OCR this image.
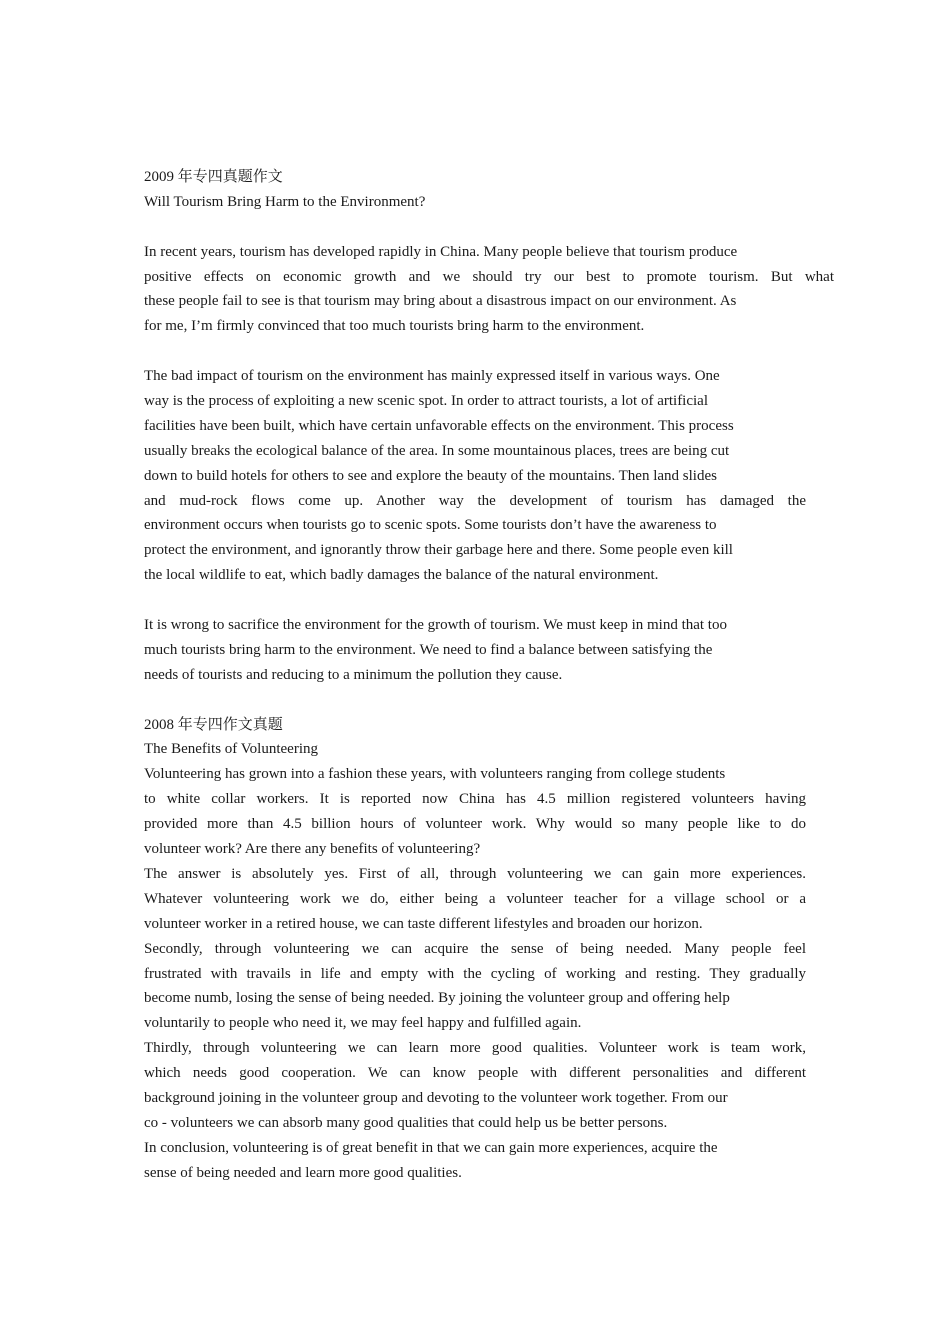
2009 年专四真题作文
Will Tourism Bring Harm to the Environment?
In recent years, tourism has developed rapidly in China. Many people believe that tourism produce
positive effects on economic growth and we should try our best to promote tourism. But what
these people fail to see is that tourism may bring about a disastrous impact on our environment. As
for me, I’m firmly convinced that too much tourists bring harm to the environment.
The bad impact of tourism on the environment has mainly expressed itself in various ways. One
way is the process of exploiting a new scenic spot. In order to attract tourists, a lot of artificial
facilities have been built, which have certain unfavorable effects on the environment. This process
usually breaks the ecological balance of the area. In some mountainous places, trees are being cut
down to build hotels for others to see and explore the beauty of the mountains. Then land slides
and mud-rock flows come up. Another way the development of tourism has damaged the
environment occurs when tourists go to scenic spots. Some tourists don’t have the awareness to
protect the environment, and ignorantly throw their garbage here and there. Some people even kill
the local wildlife to eat, which badly damages the balance of the natural environment.
It is wrong to sacrifice the environment for the growth of tourism. We must keep in mind that too
much tourists bring harm to the environment. We need to find a balance between satisfying the
needs of tourists and reducing to a minimum the pollution they cause.
2008 年专四作文真题
The Benefits of Volunteering
Volunteering has grown into a fashion these years, with volunteers ranging from college students
to white collar workers. It is reported now China has 4.5 million registered volunteers having
provided more than 4.5 billion hours of volunteer work. Why would so many people like to do
volunteer work? Are there any benefits of volunteering?
The answer is absolutely yes. First of all, through volunteering we can gain more experiences.
Whatever volunteering work we do, either being a volunteer teacher for a village school or a
volunteer worker in a retired house, we can taste different lifestyles and broaden our horizon.
Secondly, through volunteering we can acquire the sense of being needed. Many people feel
frustrated with travails in life and empty with the cycling of working and resting. They gradually
become numb, losing the sense of being needed. By joining the volunteer group and offering help
voluntarily to people who need it, we may feel happy and fulfilled again.
Thirdly, through volunteering we can learn more good qualities. Volunteer work is team work,
which needs good cooperation. We can know people with different personalities and different
background joining in the volunteer group and devoting to the volunteer work together. From our
co - volunteers we can absorb many good qualities that could help us be better persons.
In conclusion, volunteering is of great benefit in that we can gain more experiences, acquire the
sense of being needed and learn more good qualities.
